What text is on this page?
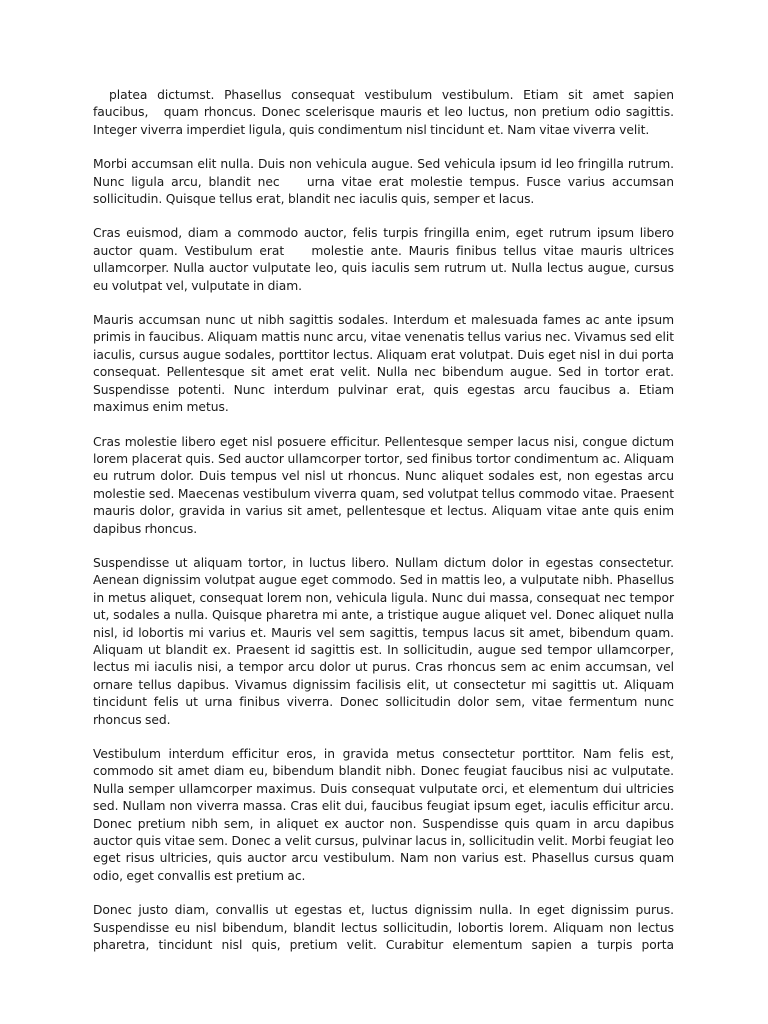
platea dictumst. Phasellus consequat vestibulum vestibulum. Etiam sit amet sapien faucibus,   quam rhoncus. Donec scelerisque mauris et leo luctus, non pretium odio sagittis. Integer viverra imperdiet ligula, quis condimentum nisl tincidunt et. Nam vitae viverra velit.

Morbi accumsan elit nulla. Duis non vehicula augue. Sed vehicula ipsum id leo fringilla rutrum. Nunc ligula arcu, blandit nec    urna vitae erat molestie tempus. Fusce varius accumsan sollicitudin. Quisque tellus erat, blandit nec iaculis quis, semper et lacus.

Cras euismod, diam a commodo auctor, felis turpis fringilla enim, eget rutrum ipsum libero auctor quam. Vestibulum erat    molestie ante. Mauris finibus tellus vitae mauris ultrices ullamcorper. Nulla auctor vulputate leo, quis iaculis sem rutrum ut. Nulla lectus augue, cursus eu volutpat vel, vulputate in diam.

Mauris accumsan nunc ut nibh sagittis sodales. Interdum et malesuada fames ac ante ipsum primis in faucibus. Aliquam mattis nunc arcu, vitae venenatis tellus varius nec. Vivamus sed elit iaculis, cursus augue sodales, porttitor lectus. Aliquam erat volutpat. Duis eget nisl in dui porta consequat. Pellentesque sit amet erat velit. Nulla nec bibendum augue. Sed in tortor erat. Suspendisse potenti. Nunc interdum pulvinar erat, quis egestas arcu faucibus a. Etiam maximus enim metus.

Cras molestie libero eget nisl posuere efficitur. Pellentesque semper lacus nisi, congue dictum lorem placerat quis. Sed auctor ullamcorper tortor, sed finibus tortor condimentum ac. Aliquam eu rutrum dolor. Duis tempus vel nisl ut rhoncus. Nunc aliquet sodales est, non egestas arcu molestie sed. Maecenas vestibulum viverra quam, sed volutpat tellus commodo vitae. Praesent mauris dolor, gravida in varius sit amet, pellentesque et lectus. Aliquam vitae ante quis enim dapibus rhoncus.

Suspendisse ut aliquam tortor, in luctus libero. Nullam dictum dolor in egestas consectetur. Aenean dignissim volutpat augue eget commodo. Sed in mattis leo, a vulputate nibh. Phasellus in metus aliquet, consequat lorem non, vehicula ligula. Nunc dui massa, consequat nec tempor ut, sodales a nulla. Quisque pharetra mi ante, a tristique augue aliquet vel. Donec aliquet nulla nisl, id lobortis mi varius et. Mauris vel sem sagittis, tempus lacus sit amet, bibendum quam. Aliquam ut blandit ex. Praesent id sagittis est. In sollicitudin, augue sed tempor ullamcorper, lectus mi iaculis nisi, a tempor arcu dolor ut purus. Cras rhoncus sem ac enim accumsan, vel ornare tellus dapibus. Vivamus dignissim facilisis elit, ut consectetur mi sagittis ut. Aliquam tincidunt felis ut urna finibus viverra. Donec sollicitudin dolor sem, vitae fermentum nunc rhoncus sed.

Vestibulum interdum efficitur eros, in gravida metus consectetur porttitor. Nam felis est, commodo sit amet diam eu, bibendum blandit nibh. Donec feugiat faucibus nisi ac vulputate. Nulla semper ullamcorper maximus. Duis consequat vulputate orci, et elementum dui ultricies sed. Nullam non viverra massa. Cras elit dui, faucibus feugiat ipsum eget, iaculis efficitur arcu. Donec pretium nibh sem, in aliquet ex auctor non. Suspendisse quis quam in arcu dapibus auctor quis vitae sem. Donec a velit cursus, pulvinar lacus in, sollicitudin velit. Morbi feugiat leo eget risus ultricies, quis auctor arcu vestibulum. Nam non varius est. Phasellus cursus quam odio, eget convallis est pretium ac.

Donec justo diam, convallis ut egestas et, luctus dignissim nulla. In eget dignissim purus. Suspendisse eu nisl bibendum, blandit lectus sollicitudin, lobortis lorem. Aliquam non lectus pharetra, tincidunt nisl quis, pretium velit. Curabitur elementum sapien a turpis porta
